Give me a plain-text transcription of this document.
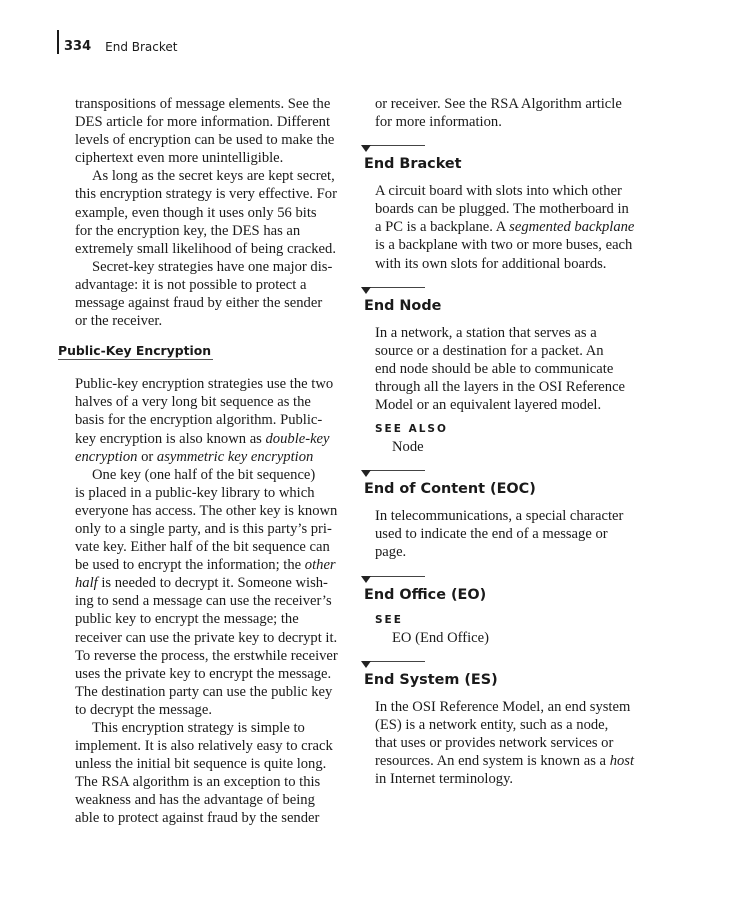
334 End Bracket

transpositions of message elements. See the
DES article for more information. Different
levels of encryption can be used to make the
ciphertext even more unintelligible.

As long as the secret keys are kept secret,
this encryption strategy is very effective. For
example, even though it uses only 56 bits
for the encryption key, the DES has an
extremely small likelihood of being cracked.

Secret-key strategies have one major dis-
advantage: it is not possible to protect a
message against fraud by either the sender
or the receiver.

Public-Key Encryption

Public-key encryption strategies use the two
halves of a very long bit sequence as the
basis for the encryption algorithm. Public-
key encryption is also known as double-key
encryption or asymmetric key encryption

One key (one half of the bit sequence)
is placed in a public-key library to which
everyone has access. The other key is known
only to a single party, and is this party’s pri-
vate key. Either half of the bit sequence can
be used to encrypt the information; the other
half is needed to decrypt it. Someone wish-
ing to send a message can use the receiver’s
public key to encrypt the message; the
receiver can use the private key to decrypt it.
To reverse the process, the erstwhile receiver
uses the private key to encrypt the message.
The destination party can use the public key
to decrypt the message.

This encryption strategy is simple to
implement. It is also relatively easy to crack
unless the initial bit sequence is quite long.
The RSA algorithm is an exception to this
weakness and has the advantage of being
able to protect against fraud by the sender

or receiver. See the RSA Algorithm article
for more information.

End Bracket

A circuit board with slots into which other
boards can be plugged. The motherboard in
a PC is a backplane. A segmented backplane
is a backplane with two or more buses, each
with its own slots for additional boards.

End Node

In a network, a station that serves as a
source or a destination for a packet. An
end node should be able to communicate
through all the layers in the OSI Reference
Model or an equivalent layered model.

SEE ALSO
Node
End of Content (EOC)

In telecommunications, a special character
used to indicate the end of a message or
page.

End Office (EO)
SEE
EO (End Office)
End System (ES)

In the OSI Reference Model, an end system
(ES) is a network entity, such as a node,
that uses or provides network services or
resources. An end system is known as a host
in Internet terminology.
